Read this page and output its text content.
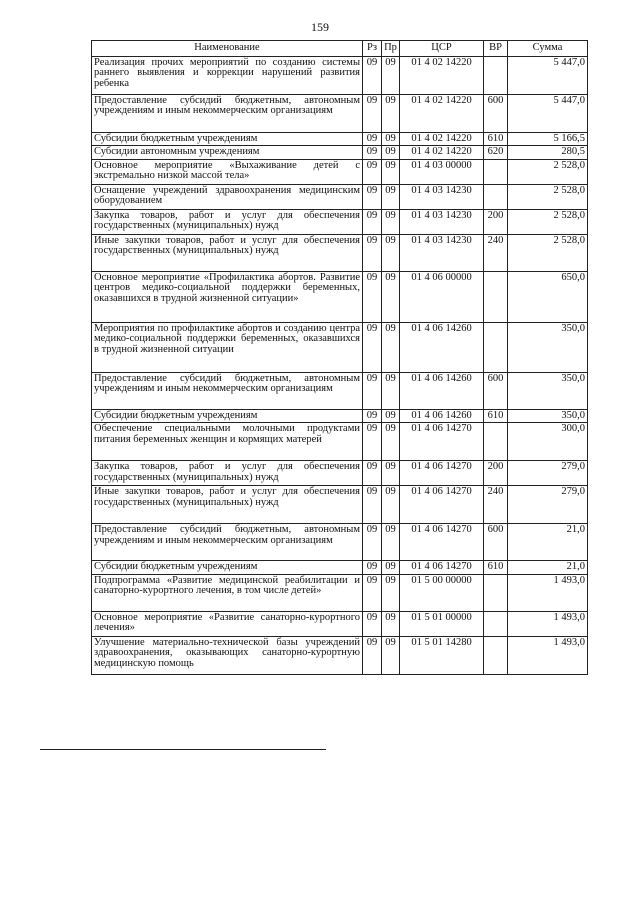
159
Наименование	Рз	Пр	ЦСР	ВР	Сумма
Реализация прочих мероприятий по созданию системы раннего выявления и коррекции нарушений развития ребенка	09	09	01 4 02 14220		5 447,0
Предоставление субсидий бюджетным, автономным учреждениям и иным некоммерческим организациям	09	09	01 4 02 14220	600	5 447,0
Субсидии бюджетным учреждениям	09	09	01 4 02 14220	610	5 166,5
Субсидии автономным учреждениям	09	09	01 4 02 14220	620	280,5
Основное мероприятие «Выхаживание детей с экстремально низкой массой тела»	09	09	01 4 03 00000		2 528,0
Оснащение учреждений здравоохранения медицинским оборудованием	09	09	01 4 03 14230		2 528,0
Закупка товаров, работ и услуг для обеспечения государственных (муниципальных) нужд	09	09	01 4 03 14230	200	2 528,0
Иные закупки товаров, работ и услуг для обеспечения государственных (муниципальных) нужд	09	09	01 4 03 14230	240	2 528,0
Основное мероприятие «Профилактика абортов. Развитие центров медико-социальной поддержки беременных, оказавшихся в трудной жизненной ситуации»	09	09	01 4 06 00000		650,0
Мероприятия по профилактике абортов и созданию центра медико-социальной поддержки беременных, оказавшихся в трудной жизненной ситуации	09	09	01 4 06 14260		350,0
Предоставление субсидий бюджетным, автономным учреждениям и иным некоммерческим организациям	09	09	01 4 06 14260	600	350,0
Субсидии бюджетным учреждениям	09	09	01 4 06 14260	610	350,0
Обеспечение специальными молочными продуктами питания беременных женщин и кормящих матерей	09	09	01 4 06 14270		300,0
Закупка товаров, работ и услуг для обеспечения государственных (муниципальных) нужд	09	09	01 4 06 14270	200	279,0
Иные закупки товаров, работ и услуг для обеспечения государственных (муниципальных) нужд	09	09	01 4 06 14270	240	279,0
Предоставление субсидий бюджетным, автономным учреждениям и иным некоммерческим организациям	09	09	01 4 06 14270	600	21,0
Субсидии бюджетным учреждениям	09	09	01 4 06 14270	610	21,0
Подпрограмма «Развитие медицинской реабилитации и санаторно-курортного лечения, в том числе детей»	09	09	01 5 00 00000		1 493,0
Основное мероприятие «Развитие санаторно-курортного лечения»	09	09	01 5 01 00000		1 493,0
Улучшение материально-технической базы учреждений здравоохранения, оказывающих санаторно-курортную медицинскую помощь	09	09	01 5 01 14280		1 493,0
